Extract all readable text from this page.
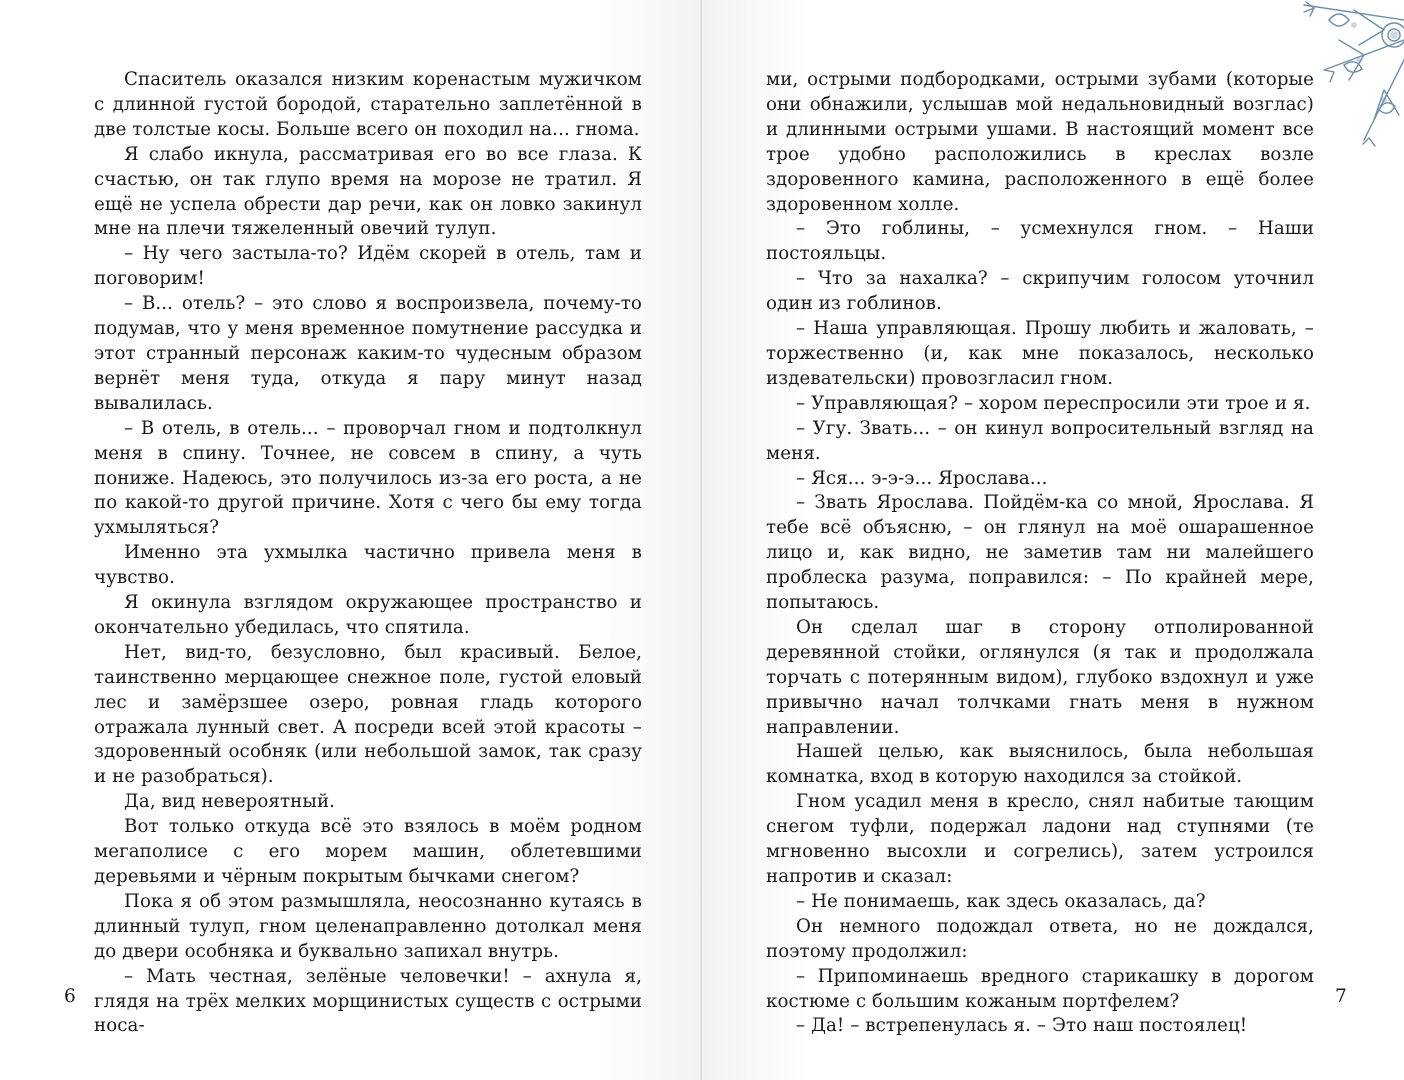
Спаситель оказался низким коренастым мужичком с длинной густой бородой, старательно заплетённой в две толстые косы. Больше всего он походил на... гнома.

Я слабо икнула, рассматривая его во все глаза. К счастью, он так глупо время на морозе не тратил. Я ещё не успела обрести дар речи, как он ловко закинул мне на плечи тяжеленный овечий тулуп.

– Ну чего застыла-то? Идём скорей в отель, там и поговорим!

– В... отель? – это слово я воспроизвела, почему-то подумав, что у меня временное помутнение рассудка и этот странный персонаж каким-то чудесным образом вернёт меня туда, откуда я пару минут назад вывалилась.

– В отель, в отель... – проворчал гном и подтолкнул меня в спину. Точнее, не совсем в спину, а чуть пониже. Надеюсь, это получилось из-за его роста, а не по какой-то другой причине. Хотя с чего бы ему тогда ухмыляться?

Именно эта ухмылка частично привела меня в чувство.

Я окинула взглядом окружающее пространство и окончательно убедилась, что спятила.

Нет, вид-то, безусловно, был красивый. Белое, таинственно мерцающее снежное поле, густой еловый лес и замёрзшее озеро, ровная гладь которого отражала лунный свет. А посреди всей этой красоты – здоровенный особняк (или небольшой замок, так сразу и не разобраться).

Да, вид невероятный.

Вот только откуда всё это взялось в моём родном мегаполисе с его морем машин, облетевшими деревьями и чёрным покрытым бычками снегом?

Пока я об этом размышляла, неосознанно кутаясь в длинный тулуп, гном целенаправленно дотолкал меня до двери особняка и буквально запихал внутрь.

– Мать честная, зелёные человечки! – ахнула я, глядя на трёх мелких морщинистых существ с острыми носа-

6

ми, острыми подбородками, острыми зубами (которые они обнажили, услышав мой недальновидный возглас) и длинными острыми ушами. В настоящий момент все трое удобно расположились в креслах возле здоровенного камина, расположенного в ещё более здоровенном холле.

– Это гоблины, – усмехнулся гном. – Наши постояльцы.

– Что за нахалка? – скрипучим голосом уточнил один из гоблинов.

– Наша управляющая. Прошу любить и жаловать, – торжественно (и, как мне показалось, несколько издевательски) провозгласил гном.

– Управляющая? – хором переспросили эти трое и я.

– Угу. Звать... – он кинул вопросительный взгляд на меня.

– Яся... э-э-э... Ярослава...

– Звать Ярослава. Пойдём-ка со мной, Ярослава. Я тебе всё объясню, – он глянул на моё ошарашенное лицо и, как видно, не заметив там ни малейшего проблеска разума, поправился: – По крайней мере, попытаюсь.

Он сделал шаг в сторону отполированной деревянной стойки, оглянулся (я так и продолжала торчать с потерянным видом), глубоко вздохнул и уже привычно начал толчками гнать меня в нужном направлении.

Нашей целью, как выяснилось, была небольшая комнатка, вход в которую находился за стойкой.

Гном усадил меня в кресло, снял набитые тающим снегом туфли, подержал ладони над ступнями (те мгновенно высохли и согрелись), затем устроился напротив и сказал:

– Не понимаешь, как здесь оказалась, да?

Он немного подождал ответа, но не дождался, поэтому продолжил:

– Припоминаешь вредного старикашку в дорогом костюме с большим кожаным портфелем?

– Да! – встрепенулась я. – Это наш постоялец!

7
